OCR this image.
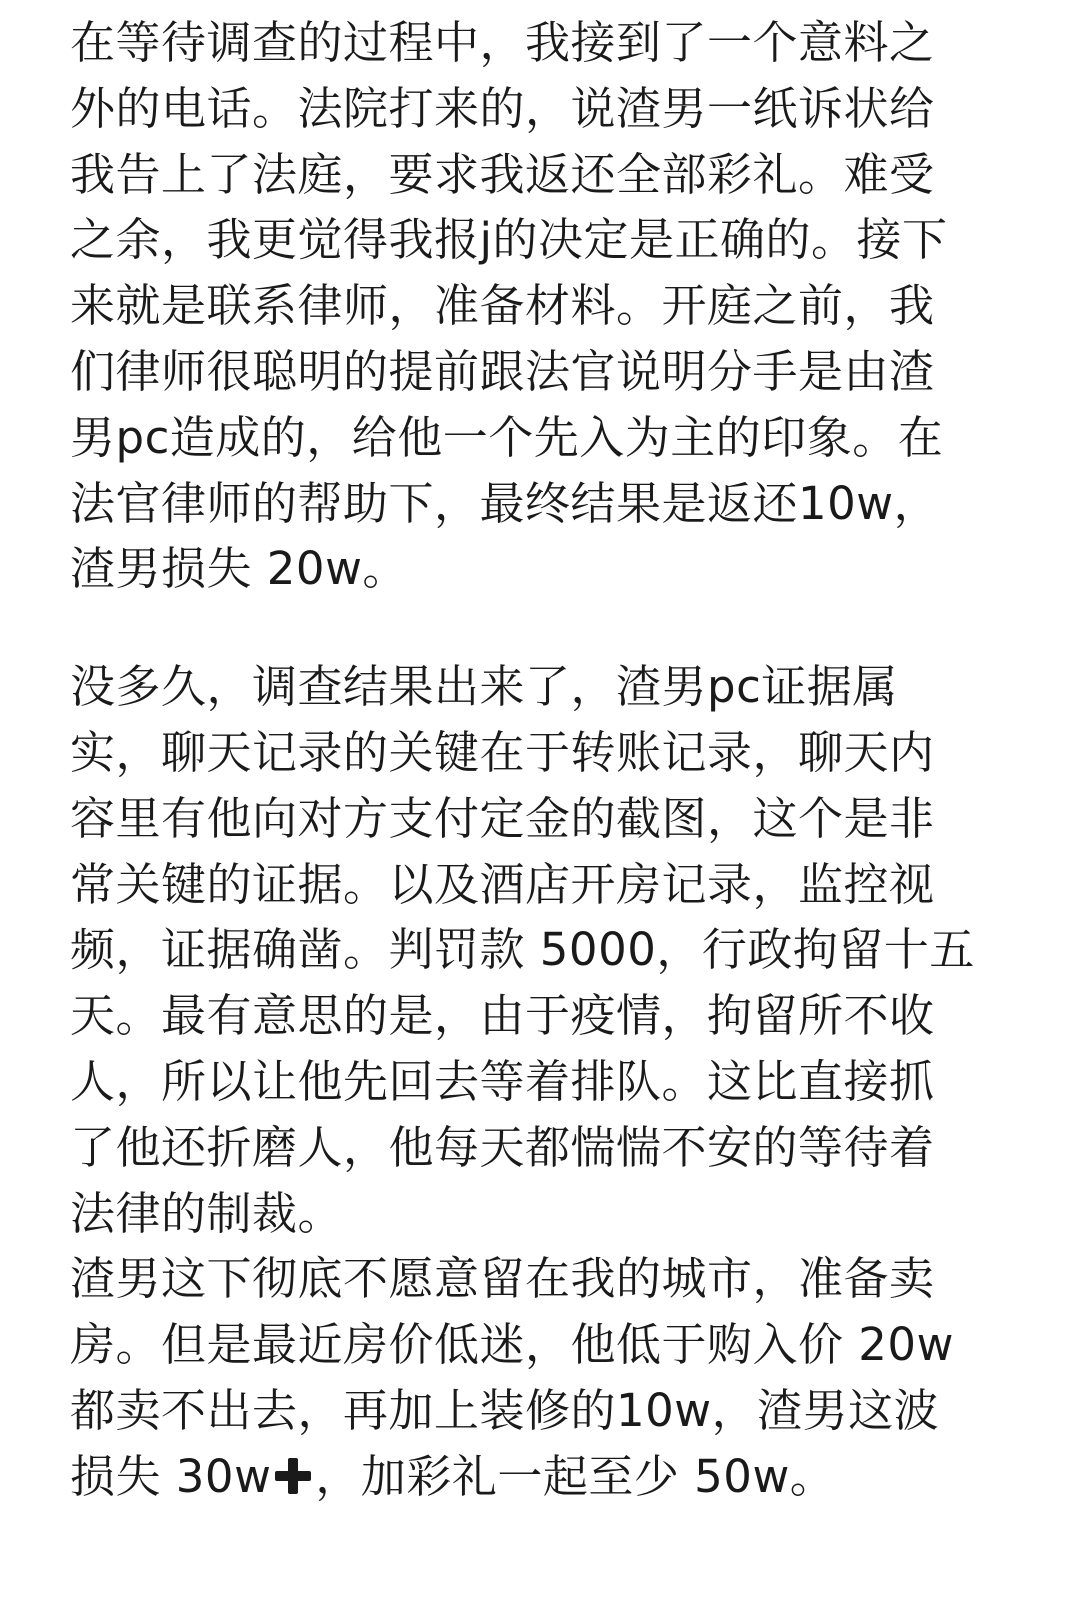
在等待调查的过程中，我接到了一个意料之
外的电话。法院打来的，说渣男一纸诉状给
我告上了法庭，要求我返还全部彩礼。难受
之余，我更觉得我报j的决定是正确的。接下
来就是联系律师，准备材料。开庭之前，我
们律师很聪明的提前跟法官说明分手是由渣
男pc造成的，给他一个先入为主的印象。在
法官律师的帮助下，最终结果是返还10w，
渣男损失 20w。
没多久，调查结果出来了，渣男pc证据属
实，聊天记录的关键在于转账记录，聊天内
容里有他向对方支付定金的截图，这个是非
常关键的证据。以及酒店开房记录，监控视
频，证据确凿。判罚款 5000，行政拘留十五
天。最有意思的是，由于疫情，拘留所不收
人，所以让他先回去等着排队。这比直接抓
了他还折磨人，他每天都惴惴不安的等待着
法律的制裁。
渣男这下彻底不愿意留在我的城市，准备卖
房。但是最近房价低迷，他低于购入价 20w
都卖不出去，再加上装修的10w，渣男这波
损失 30w ，加彩礼一起至少 50w。
